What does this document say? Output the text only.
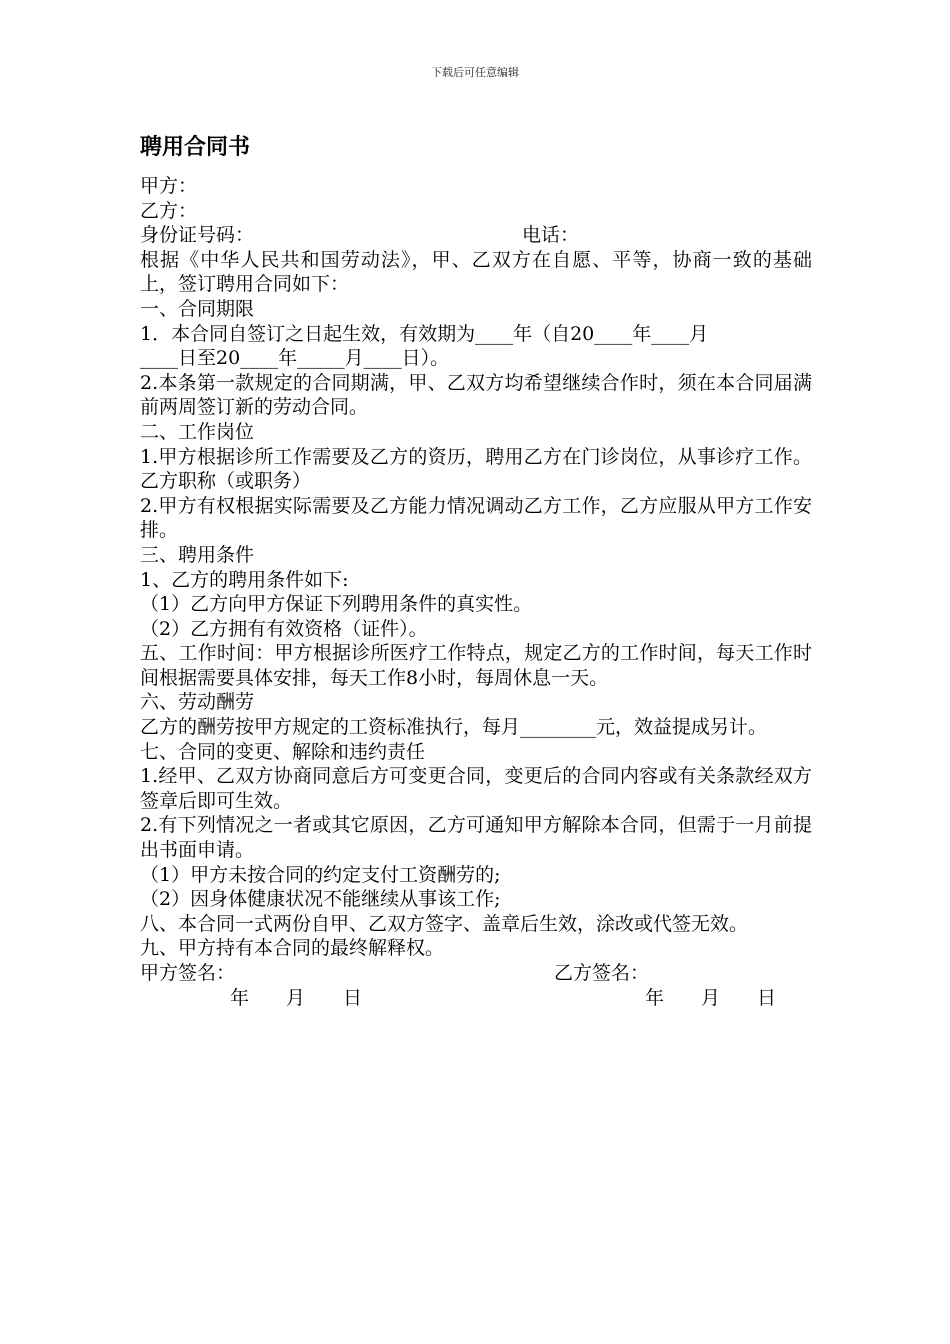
下载后可任意编辑
聘用合同书
甲方：
乙方：
身份证号码：	电话：
根据《中华人民共和国劳动法》，甲、乙双方在自愿、平等，协商一致的基础上，签订聘用合同如下：
一、合同期限
1．本合同自签订之日起生效，有效期为____年（自20____年____月
____日至20____年_____月____日）。
2.本条第一款规定的合同期满，甲、乙双方均希望继续合作时，须在本合同届满前两周签订新的劳动合同。
二、工作岗位
1.甲方根据诊所工作需要及乙方的资历，聘用乙方在门诊岗位，从事诊疗工作。乙方职称（或职务）
2.甲方有权根据实际需要及乙方能力情况调动乙方工作，乙方应服从甲方工作安排。
三、聘用条件
1、乙方的聘用条件如下:
（1）乙方向甲方保证下列聘用条件的真实性。
（2）乙方拥有有效资格（证件）。
五、工作时间：甲方根据诊所医疗工作特点，规定乙方的工作时间，每天工作时间根据需要具体安排，每天工作8小时，每周休息一天。
六、劳动酬劳
乙方的酬劳按甲方规定的工资标准执行，每月________元，效益提成另计。
七、合同的变更、解除和违约责任
1.经甲、乙双方协商同意后方可变更合同，变更后的合同内容或有关条款经双方签章后即可生效。
2.有下列情况之一者或其它原因，乙方可通知甲方解除本合同，但需于一月前提出书面申请。
（1）甲方未按合同的约定支付工资酬劳的;
（2）因身体健康状况不能继续从事该工作;
八、本合同一式两份自甲、乙双方签字、盖章后生效，涂改或代签无效。
九、甲方持有本合同的最终解释权。
甲方签名：	乙方签名：
年 月 日	年 月 日
